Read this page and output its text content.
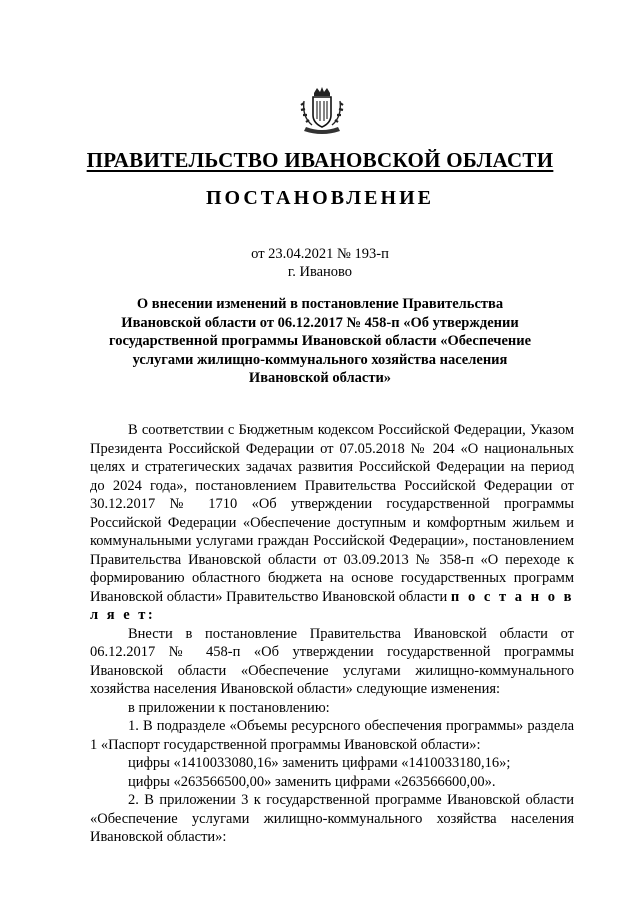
ПРАВИТЕЛЬСТВО ИВАНОВСКОЙ ОБЛАСТИ
ПОСТАНОВЛЕНИЕ
от 23.04.2021 № 193-п
г. Иваново
О внесении изменений в постановление Правительства Ивановской области от 06.12.2017 № 458-п «Об утверждении государственной программы Ивановской области «Обеспечение услугами жилищно-коммунального хозяйства населения Ивановской области»

В соответствии с Бюджетным кодексом Российской Федерации, Указом Президента Российской Федерации от 07.05.2018 № 204 «О национальных целях и стратегических задачах развития Российской Федерации на период до 2024 года», постановлением Правительства Российской Федерации от 30.12.2017 № 1710 «Об утверждении государственной программы Российской Федерации «Обеспечение доступным и комфортным жильем и коммунальными услугами граждан Российской Федерации», постановлением Правительства Ивановской области от 03.09.2013 № 358-п «О переходе к формированию областного бюджета на основе государственных программ Ивановской области» Правительство Ивановской области п о с т а н о в л я е т:

Внести в постановление Правительства Ивановской области от 06.12.2017 № 458-п «Об утверждении государственной программы Ивановской области «Обеспечение услугами жилищно-коммунального хозяйства населения Ивановской области» следующие изменения:

в приложении к постановлению:

1. В подразделе «Объемы ресурсного обеспечения программы» раздела 1 «Паспорт государственной программы Ивановской области»:

цифры «1410033080,16» заменить цифрами «1410033180,16»;

цифры «263566500,00» заменить цифрами «263566600,00».

2. В приложении 3 к государственной программе Ивановской области «Обеспечение услугами жилищно-коммунального хозяйства населения Ивановской области»:
